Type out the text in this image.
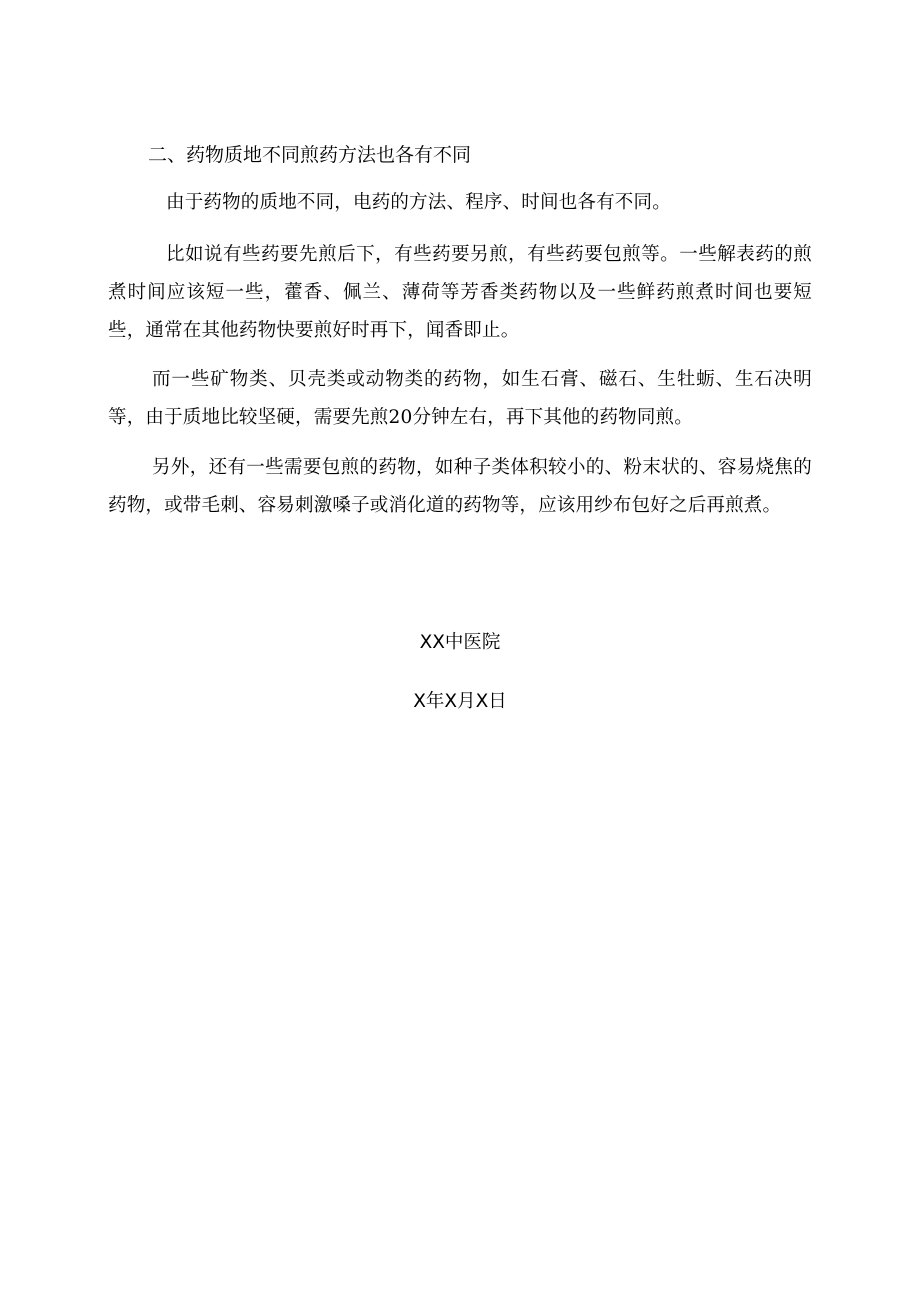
二、药物质地不同煎药方法也各有不同

由于药物的质地不同，电药的方法、程序、时间也各有不同。

比如说有些药要先煎后下，有些药要另煎，有些药要包煎等。一些解表药的煎煮时间应该短一些，藿香、佩兰、薄荷等芳香类药物以及一些鲜药煎煮时间也要短些，通常在其他药物快要煎好时再下，闻香即止。

而一些矿物类、贝壳类或动物类的药物，如生石膏、磁石、生牡蛎、生石决明等，由于质地比较坚硬，需要先煎20分钟左右，再下其他的药物同煎。

另外，还有一些需要包煎的药物，如种子类体积较小的、粉末状的、容易烧焦的药物，或带毛刺、容易刺激嗓子或消化道的药物等，应该用纱布包好之后再煎煮。

XX中医院

X年X月X日
